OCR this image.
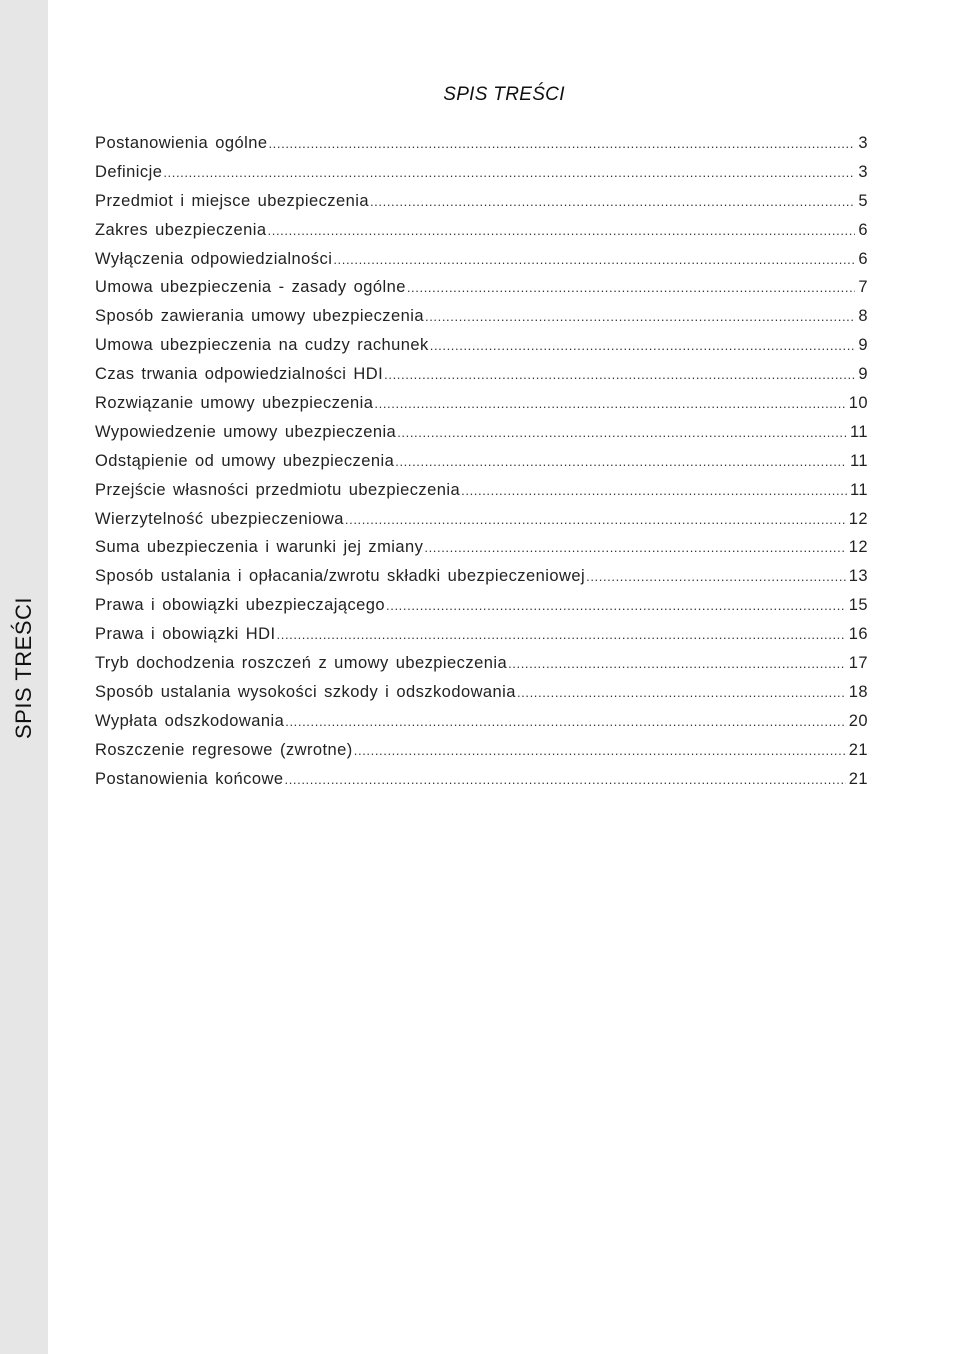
SPIS TREŚCI
SPIS TREŚCI
Postanowienia ogólne .....	3
Definicje .....	3
Przedmiot i miejsce ubezpieczenia .....	5
Zakres ubezpieczenia .....	6
Wyłączenia odpowiedzialności .....	6
Umowa ubezpieczenia - zasady ogólne .....	7
Sposób zawierania umowy ubezpieczenia .....	8
Umowa ubezpieczenia na cudzy rachunek .....	9
Czas trwania odpowiedzialności HDI .....	9
Rozwiązanie umowy ubezpieczenia .....	10
Wypowiedzenie umowy ubezpieczenia .....	11
Odstąpienie od umowy ubezpieczenia .....	11
Przejście własności przedmiotu ubezpieczenia .....	11
Wierzytelność ubezpieczeniowa .....	12
Suma ubezpieczenia i warunki jej zmiany .....	12
Sposób ustalania i opłacania/zwrotu składki ubezpieczeniowej .....	13
Prawa i obowiązki ubezpieczającego .....	15
Prawa i obowiązki HDI .....	16
Tryb dochodzenia roszczeń z umowy ubezpieczenia .....	17
Sposób ustalania wysokości szkody i odszkodowania .....	18
Wypłata odszkodowania .....	20
Roszczenie regresowe (zwrotne) .....	21
Postanowienia końcowe .....	21
